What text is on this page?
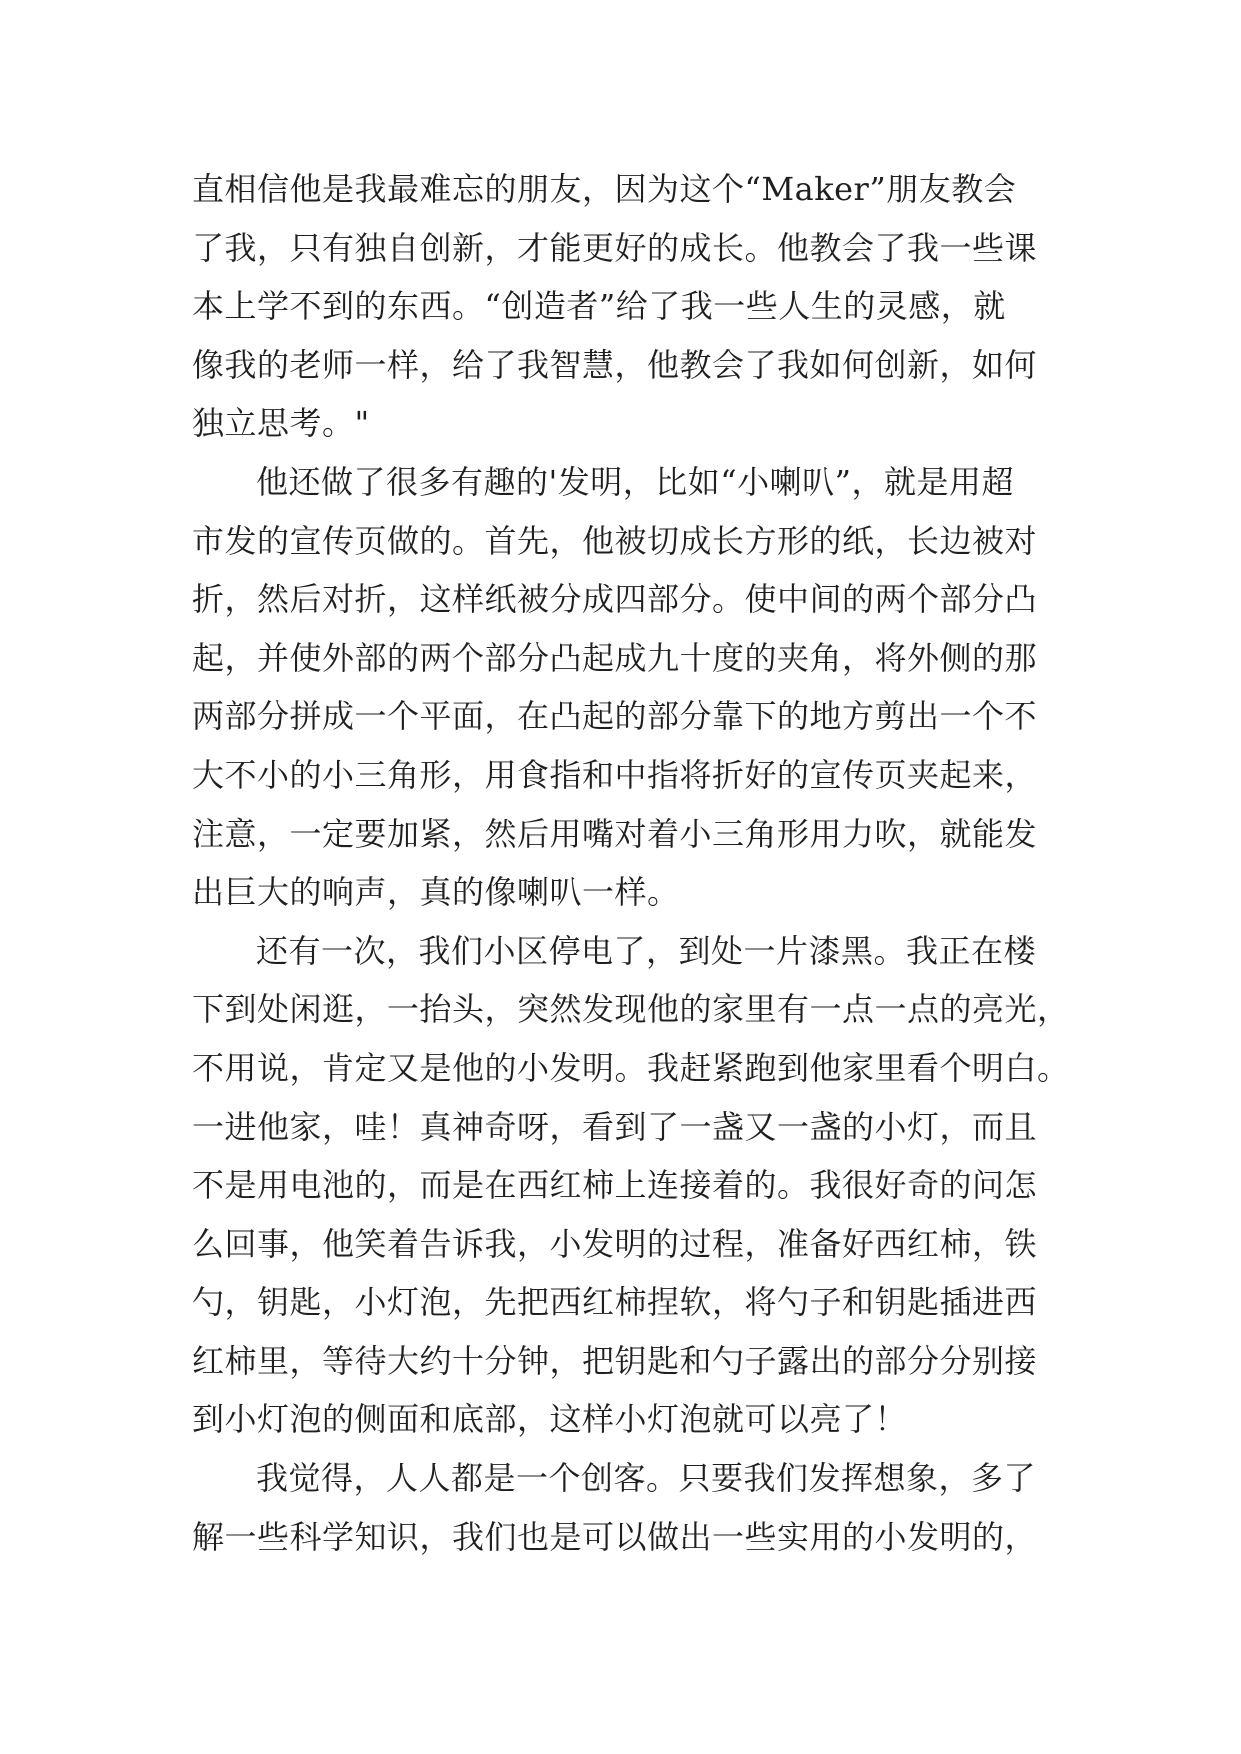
直相信他是我最难忘的朋友，因为这个“Maker”朋友教会
了我，只有独自创新，才能更好的成长。他教会了我一些课
本上学不到的东西。“创造者”给了我一些人生的灵感，就
像我的老师一样，给了我智慧，他教会了我如何创新，如何
独立思考。"
他还做了很多有趣的'发明，比如“小喇叭”，就是用超
市发的宣传页做的。首先，他被切成长方形的纸，长边被对
折，然后对折，这样纸被分成四部分。使中间的两个部分凸
起，并使外部的两个部分凸起成九十度的夹角，将外侧的那
两部分拼成一个平面，在凸起的部分靠下的地方剪出一个不
大不小的小三角形，用食指和中指将折好的宣传页夹起来，
注意，一定要加紧，然后用嘴对着小三角形用力吹，就能发
出巨大的响声，真的像喇叭一样。
还有一次，我们小区停电了，到处一片漆黑。我正在楼
下到处闲逛，一抬头，突然发现他的家里有一点一点的亮光，
不用说，肯定又是他的小发明。我赶紧跑到他家里看个明白。
一进他家，哇！真神奇呀，看到了一盏又一盏的小灯，而且
不是用电池的，而是在西红柿上连接着的。我很好奇的问怎
么回事，他笑着告诉我，小发明的过程，准备好西红柿，铁
勺，钥匙，小灯泡，先把西红柿捏软，将勺子和钥匙插进西
红柿里，等待大约十分钟，把钥匙和勺子露出的部分分别接
到小灯泡的侧面和底部，这样小灯泡就可以亮了！
我觉得，人人都是一个创客。只要我们发挥想象，多了
解一些科学知识，我们也是可以做出一些实用的小发明的，
